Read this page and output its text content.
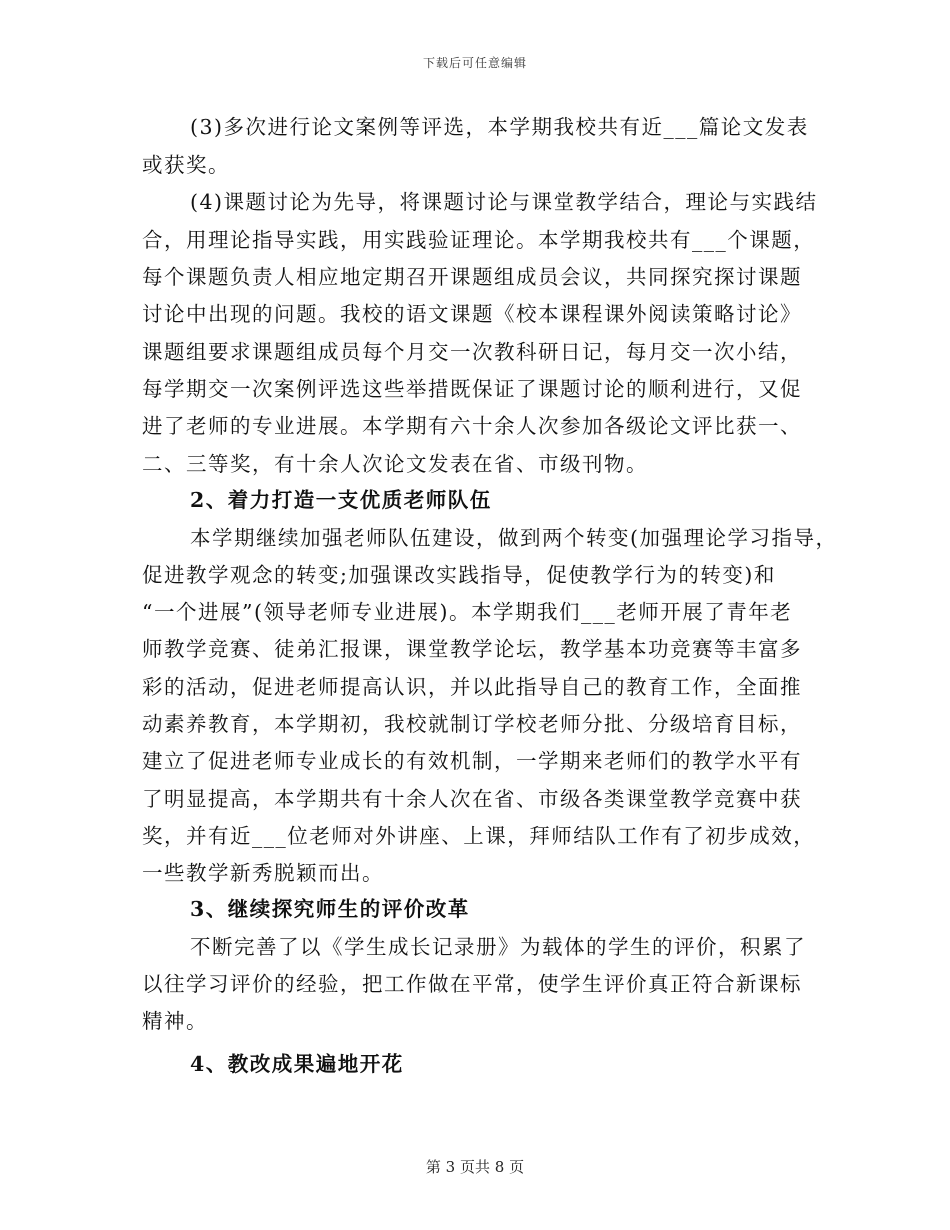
下载后可任意编辑
(3)多次进行论文案例等评选，本学期我校共有近___篇论文发表
或获奖。
(4)课题讨论为先导，将课题讨论与课堂教学结合，理论与实践结
合，用理论指导实践，用实践验证理论。本学期我校共有___个课题，
每个课题负责人相应地定期召开课题组成员会议，共同探究探讨课题
讨论中出现的问题。我校的语文课题《校本课程课外阅读策略讨论》
课题组要求课题组成员每个月交一次教科研日记，每月交一次小结，
每学期交一次案例评选这些举措既保证了课题讨论的顺利进行，又促
进了老师的专业进展。本学期有六十余人次参加各级论文评比获一、
二、三等奖，有十余人次论文发表在省、市级刊物。
2、着力打造一支优质老师队伍
本学期继续加强老师队伍建设，做到两个转变(加强理论学习指导，
促进教学观念的转变;加强课改实践指导，促使教学行为的转变)和
“一个进展”(领导老师专业进展)。本学期我们___老师开展了青年老
师教学竞赛、徒弟汇报课，课堂教学论坛，教学基本功竞赛等丰富多
彩的活动，促进老师提高认识，并以此指导自己的教育工作，全面推
动素养教育，本学期初，我校就制订学校老师分批、分级培育目标，
建立了促进老师专业成长的有效机制，一学期来老师们的教学水平有
了明显提高，本学期共有十余人次在省、市级各类课堂教学竞赛中获
奖，并有近___位老师对外讲座、上课，拜师结队工作有了初步成效，
一些教学新秀脱颖而出。
3、继续探究师生的评价改革
不断完善了以《学生成长记录册》为载体的学生的评价，积累了
以往学习评价的经验，把工作做在平常，使学生评价真正符合新课标
精神。
4、教改成果遍地开花
第 3 页共 8 页
